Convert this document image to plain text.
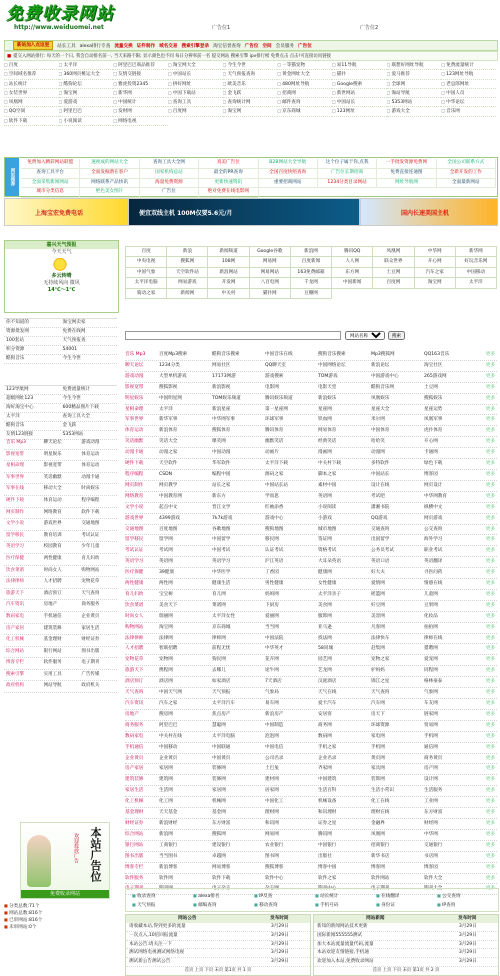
免费收录网站
http://www.weiduomei.net	广告位1	广告位2
新站加入点这里	站长工具 alexa排行专查 流量交换 证件制作 域名交易 搜索引擎登录 淘宝信誉查询 广告位 空间 会员服务 广告位
■ 提交入网站排行: 每天的一个日, 我会自动排名前一, 当天来路不限; 显示颜色也不同 每日分辨率前一名 提交网站 搜索引擎 ipv排行榜 免费点击 点击!可直接访问链接
□ 百度	□ 太平洋	□ 阿里巴巴商品推荐	□ 淘宝网大全	□ 今生今世	□ 一等猫宠物	□ 易11导航	□ 联想好网址导航	□ 免费流量统计
□ 空间域名推荐	□ 360网页桃运大全	□ 友情交链接	□ 中国站长	□ 天气预报查询	□ 黄金网址大全	□ 猫扑	□ 爱马推荐	□ 123网址导航
□ 站长统计	□ 酷狗论坛	□ 雅虎投资2345	□ 拼好网址	□ 欧美音乐	□ 480网址导航	□ Google搜索	□ 全球网	□ 老总郎网址
□ 女装世界	□ 淘宝网	□ 新华网	□ 中国下载站	□ 金飞跃	□ 招商网	□ 新世网站	□ 淘站导航	□ 中国人员
□ 凤凰网	□ 爱游戏	□ 中国统计	□ 查询工具	□ 查询统计网	□ 邮件查询	□ 中国站长	□ 5353网站	□ 中华论坛
□ QQ空间	□ 阿里巴巴	□ 发财网	□ 百度网	□ 淘宝网	□ 京东商城	□ 123网址	□ 游戏大全	□ 音乐网
□ 软件下载	□ 小说阅读	□ 网络电视
网站推荐
免费加入精彩网站联盟	速视成的网站大全	查询工具大全网	真美广告位	B2B网站大全导航	这个位子属于你,点我	一手批发资源免费网	全国公司联系方式
查询工具平台	全面发掘潜在客户	国家机构总站	最全的PR查询	全国百度快照查询	广告位长期招商	免费直接连通图	全新开发的工作
全面采集新闻网站	网络联系产品快讯	海量免费资源	更新快速资讯	重要招商网站	1234分类目录网站	网址导航网	全面最新网站
城市分类信息	绝色美女图片	广告位	绝对免费在线电影网
上海宝宏免费电话	便宜双线主机 100M仅要5.6元/月	国内长速美国主机
嘉兴天气预报
今天天气
多云转晴
无持续风向 微风
14℃～1℃
百度	新浪	新闻频道	Google谷歌	新浪网	腾讯QQ	凤凰网	中华网	新华网
中央电视	搜狐网	108网	网易网	百度新闻	人人网	联众世界	开心网	好玩音乐网
中国气象	天空软件站	新浪网站	网易网站	163免费邮箱	东方网	土豆网	汽车之家	中国移动
太平洋电脑	网易游戏	开发网	八百电网	千龙网	中国新闻	百度网	淘宝网	太平洋
骑动之家	新闻网	中关村	猫扑网	豆瓣网
网站名称
搜索
你不知道的	淘宝网卖家
资源批发网	免费在线网
100套站	天气预报查
积分资源	54001
酷狗音乐	今生今世
123导航网	免费流量统计
超级网址123	今生今世
淘好淘宝中心	600精品图片下载
太平洋	查询工具大全
酷狗音乐	金飞跃
友情123链接	5353网站
音乐 Mp3	聊天论坛	游戏动漫
影视宽带	明星娱乐	体育运动
星相命理	影视宽带	体育运动
军事世界	笑话幽默	动漫卡通
军事在线	移动大全	时尚娱乐
硬件下载	体育运动	程序编程
网页制作	网络教育	软件下载
文学小说	游戏世界	交通地图
留学移民	教育培训	考试认证
英语学习	校园教育	少年儿童
医疗保健	两性健康	育儿妇幼
饮食菜谱	时尚女人	购物网站
法律律师	人才招聘	宠物花草
旅游天下	酒店预订	天气查询
汽车资讯	房地产	商务服务
数码家电	手机通信	企业黄页
房产家居	建筑装修	家居生活
化工机械	基金理财	财经证券
综合网站	银行网站	图书出版
博客专栏	软件服务	电子期刊
搜索引擎	实用工具	广告传媒
政府机构	网站导航	政府机关
欢迎投放广告 本站广告位
免费收录网站
■ 分类总数:71个
■ 网站总数:816个
■ 已审网站:816个
■ 未审网站:0个
音乐 Mp3	百度Mp3搜索	酷狗音乐搜索	中国音乐在线	搜狗音乐搜索	Mp3搜狐网	QQ163音乐	更多
聊天论坛	1234分类	网易社区	QQ聊天室	中国网络论坛	新浪论坛	淘宝社区	更多
游戏动漫	大型单机游戏	17173网游	游戏搜索	TOM游戏	中国游戏中心	265游戏网	更多
影视宽带	搜狐影视	新浪影视	电影网	电影天堂	酷狗音乐网	土豆网	更多
明星娱乐	中国明星网	TOM娱乐频道	腾讯娱乐频道	新浪娱乐	凤凰娱乐	搜狐娱乐	更多
星相命理	太平洋	新浪星座	第一星座网	星座网	星座大全	星座运势	更多
军事世界	新华军事	中华网军事	环球军事	铁血网	米尔网	凤凰军事	更多
体育运动	新浪体育	搜狐体育	腾讯体育	网易体育	中国体育	虎扑体育	更多
笑话幽默	笑话大全	爆笑网	幽默笑话	经典笑话	哈哈笑	开心网	更多
动漫卡通	动漫之家	中国动漫	动画片	漫画网	动漫网	卡通网	更多
硬件下载	天空软件	华军软件	太平洋下载	中关村下载	多特软件	绿色下载	更多
程序编程	CSDN	编程中国	源码之家	脚本之家	中国站长	博客园	更多
网页制作	网页教学	站长之家	中国站长站	素材中国	设计在线	网页设计	更多
网络教育	中国教育网	新东方	学而思	英语网	考试吧	中华网教育	更多
文学小说	起点中文	晋江文学	红袖添香	小说阅读	潇湘书院	纵横中文	更多
游戏世界	4399游戏	7k7k游戏	游戏中心	小游戏	QQ游戏	网页游戏	更多
交通地图	百度地图	谷歌地图	搜狗地图	城市地图	交通查询	公交查询	更多
留学移民	留学网	中国留学	移民网	签证网	出国留学	海外学习	更多
考试认证	考试网	中国考试	认证考试	资格考试	公务员考试	职业考试	更多
英语学习	英语网	英语学习	沪江英语	大耳朵英语	英语口语	英语翻译	更多
医疗保健	39健康	中华医学	丁香园	健康网	好大夫	寻医问药	更多
两性健康	两性网	健康生活	男性健康	女性健康	爱情网	情感在线	更多
育儿妇幼	宝宝树	育儿网	妈妈网	太平洋亲子	摇篮网	儿童网	更多
饮食菜谱	美食天下	菜谱网	下厨房	美食网	好豆网	豆果网	更多
时尚女人	瑞丽网	太平洋女性	爱丽网	服饰网	美容网	化妆品	更多
购物网站	淘宝网	京东商城	当当网	亚马逊	凡客网	拍拍网	更多
法律律师	法律网	律师网	中国法院	找法网	法律快车	律师在线	更多
人才招聘	智联招聘	前程无忧	中华英才	58同城	赶集网	猎聘网	更多
宠物花草	宠物网	狗民网	花卉网	园艺网	宠物之家	爱宠网	更多
旅游天下	携程网	去哪儿	途牛网	艺龙网	驴妈妈	同程网	更多
酒店预订	酒店网	如家酒店	7天酒店	汉庭酒店	锦江之星	格林豪泰	更多
天气查询	中国天气网	天气预报	气象局	天气在线	天气查询	气象网	更多
汽车资讯	汽车之家	太平洋汽车	易车网	爱卡汽车	汽车网	车友网	更多
房地产	搜房网	焦点房产	新浪房产	安居客	房天下	链家网	更多
商务服务	阿里巴巴	慧聪网	中国制造	商务网	环球资源	贸易网	更多
数码家电	中关村在线	太平洋电脑	泡泡网	数码网	家电网	手机网	更多
手机通信	中国移动	中国联通	中国电信	手机之家	手机网	通信网	更多
企业黄页	企业黄页	中国黄页	公司名录	企业名录	黄页网	商务黄页	更多
房产家居	家居网	装修网	土巴兔	齐家网	家具网	房产网	更多
建筑装修	建筑网	装修网	建材网	中国建筑	装饰网	设计网	更多
家居生活	生活网	家居网	居家网	生活百科	生活小常识	生活服务	更多
化工机械	化工网	机械网	中国化工	机械设备	化工在线	工业网	更多
基金理财	天天基金	基金网	理财网	和讯理财	理财在线	东方财富	更多
财经证券	新浪财经	东方财富	和讯网	证券之星	金融界	财经网	更多
综合网站	新浪网	搜狐网	网易网	腾讯网	凤凰网	中华网	更多
银行网站	工商银行	建设银行	农业银行	中国银行	招商银行	交通银行	更多
图书出版	当当图书	卓越网	图书网	出版社	新华书店	书店网	更多
博客专栏	新浪博客	网易博客	搜狐博客	博客中国	博客网	博客园	更多
软件服务	软件网	软件下载	软件中心	软件之家	软件网站	软件大全	更多
电子期刊	期刊网	电子杂志	杂志网	期刊中心	电子期刊	期刊大全	更多
■ 收录查询	■ alexa排名	■ IP反查	■ 站长统计	■ 在线翻译	■ 公交查询
■ 天气预报	■ 邮编查询	■ 移动查询	■ 手机号码	■ 身份证	■ IP查询
网站公告	发布时间
请收藏本站,得到更多的流量	3月29日
一次点入,10倍回报流量	3月29日
本站公告:请关注一下	3月29日
测试网络电视测试网络电视	3月29日
测试新公告测试公告	3月29日
首页 上页 下页 末页 第1页 共 1 页
网站新闻	发布时间
新知的新闻网站技术更新	3月29日
国际新闻555555测试	3月29日
加大本站流量流量代码,流量	3月29日
本站欢迎友情链接,手机通	3月29日
欢迎加入本站,免费收录网站	3月29日
首页 上页 下页 末页 第1页 共 2 页
